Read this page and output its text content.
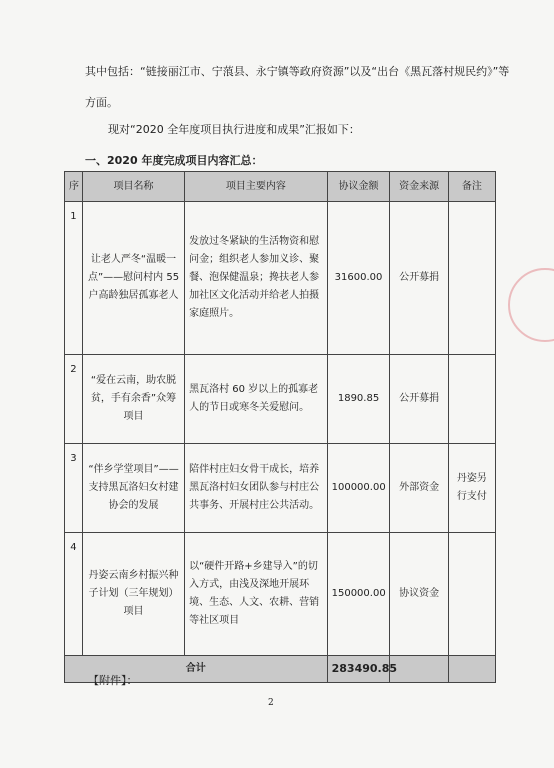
其中包括：“链接丽江市、宁蒗县、永宁镇等政府资源”以及“出台《黑瓦落村规民约》”等
方面。
现对“2020 全年度项目执行进度和成果”汇报如下：
一、2020 年度完成项目内容汇总：
序	项目名称	项目主要内容	协议金额	资金来源	备注
1	让老人严冬“温暖一点”——慰问村内 55 户高龄独居孤寡老人	发放过冬紧缺的生活物资和慰问金；组织老人参加义诊、聚餐、泡保健温泉；搀扶老人参加社区文化活动并给老人拍摄家庭照片。	31600.00	公开募捐	
2	“爱在云南，助农脱贫，手有余香”众筹项目	黑瓦洛村 60 岁以上的孤寡老人的节日或寒冬关爱慰问。	1890.85	公开募捐	
3	“伴乡学堂项目”——支持黑瓦洛妇女村建协会的发展	陪伴村庄妇女骨干成长，培养黑瓦洛村妇女团队参与村庄公共事务、开展村庄公共活动。	100000.00	外部资金	丹姿另行支付
4	丹姿云南乡村振兴种子计划（三年规划）项目	以“硬件开路+乡建导入”的切入方式，由浅及深地开展环境、生态、人文、农耕、营销等社区项目	150000.00	协议资金	
合计			283490.85		
【附件】：
2
